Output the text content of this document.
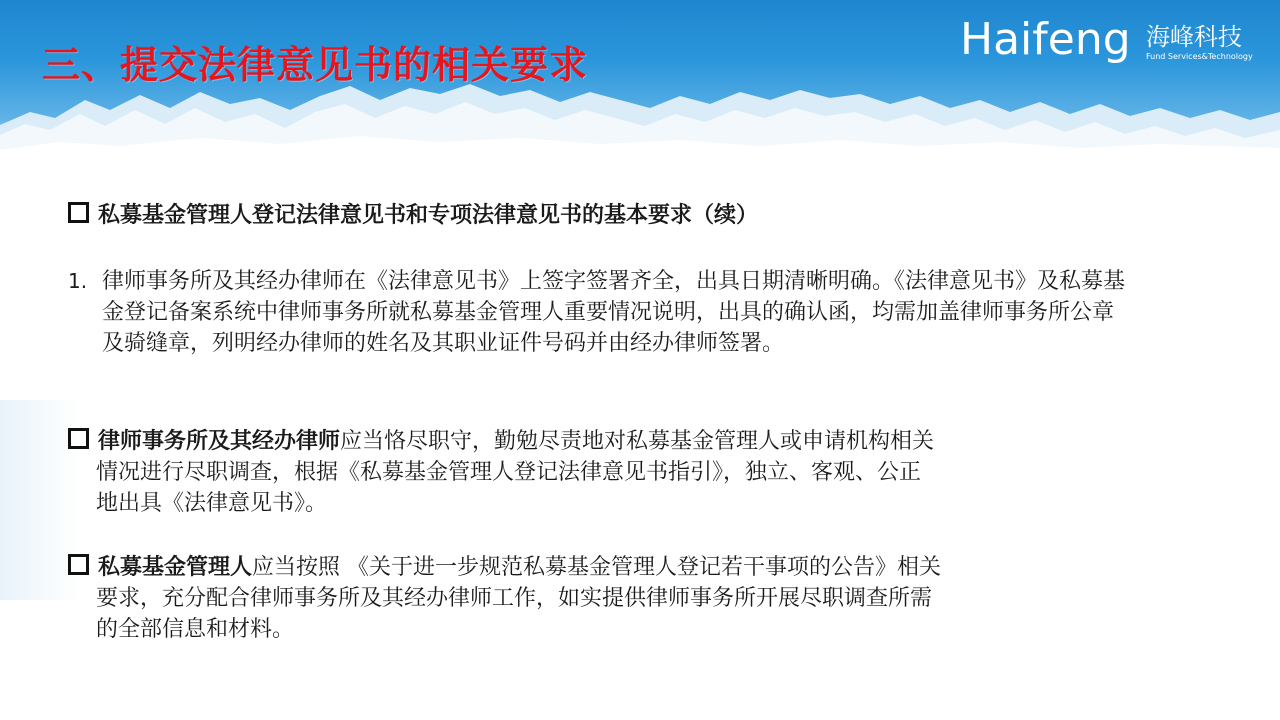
三、提交法律意见书的相关要求	Haifeng 海峰科技
Fund Services&Technology
私募基金管理人登记法律意见书和专项法律意见书的基本要求（续）
1. 律师事务所及其经办律师在《法律意见书》上签字签署齐全，出具日期清晰明确。《法律意见书》及私募基金登记备案系统中律师事务所就私募基金管理人重要情况说明，出具的确认函，均需加盖律师事务所公章及骑缝章，列明经办律师的姓名及其职业证件号码并由经办律师签署。
律师事务所及其经办律师应当恪尽职守，勤勉尽责地对私募基金管理人或申请机构相关
情况进行尽职调查，根据《私募基金管理人登记法律意见书指引》，独立、客观、公正
地出具《法律意见书》。
私募基金管理人应当按照 《关于进一步规范私募基金管理人登记若干事项的公告》相关
要求，充分配合律师事务所及其经办律师工作，如实提供律师事务所开展尽职调查所需
的全部信息和材料。
